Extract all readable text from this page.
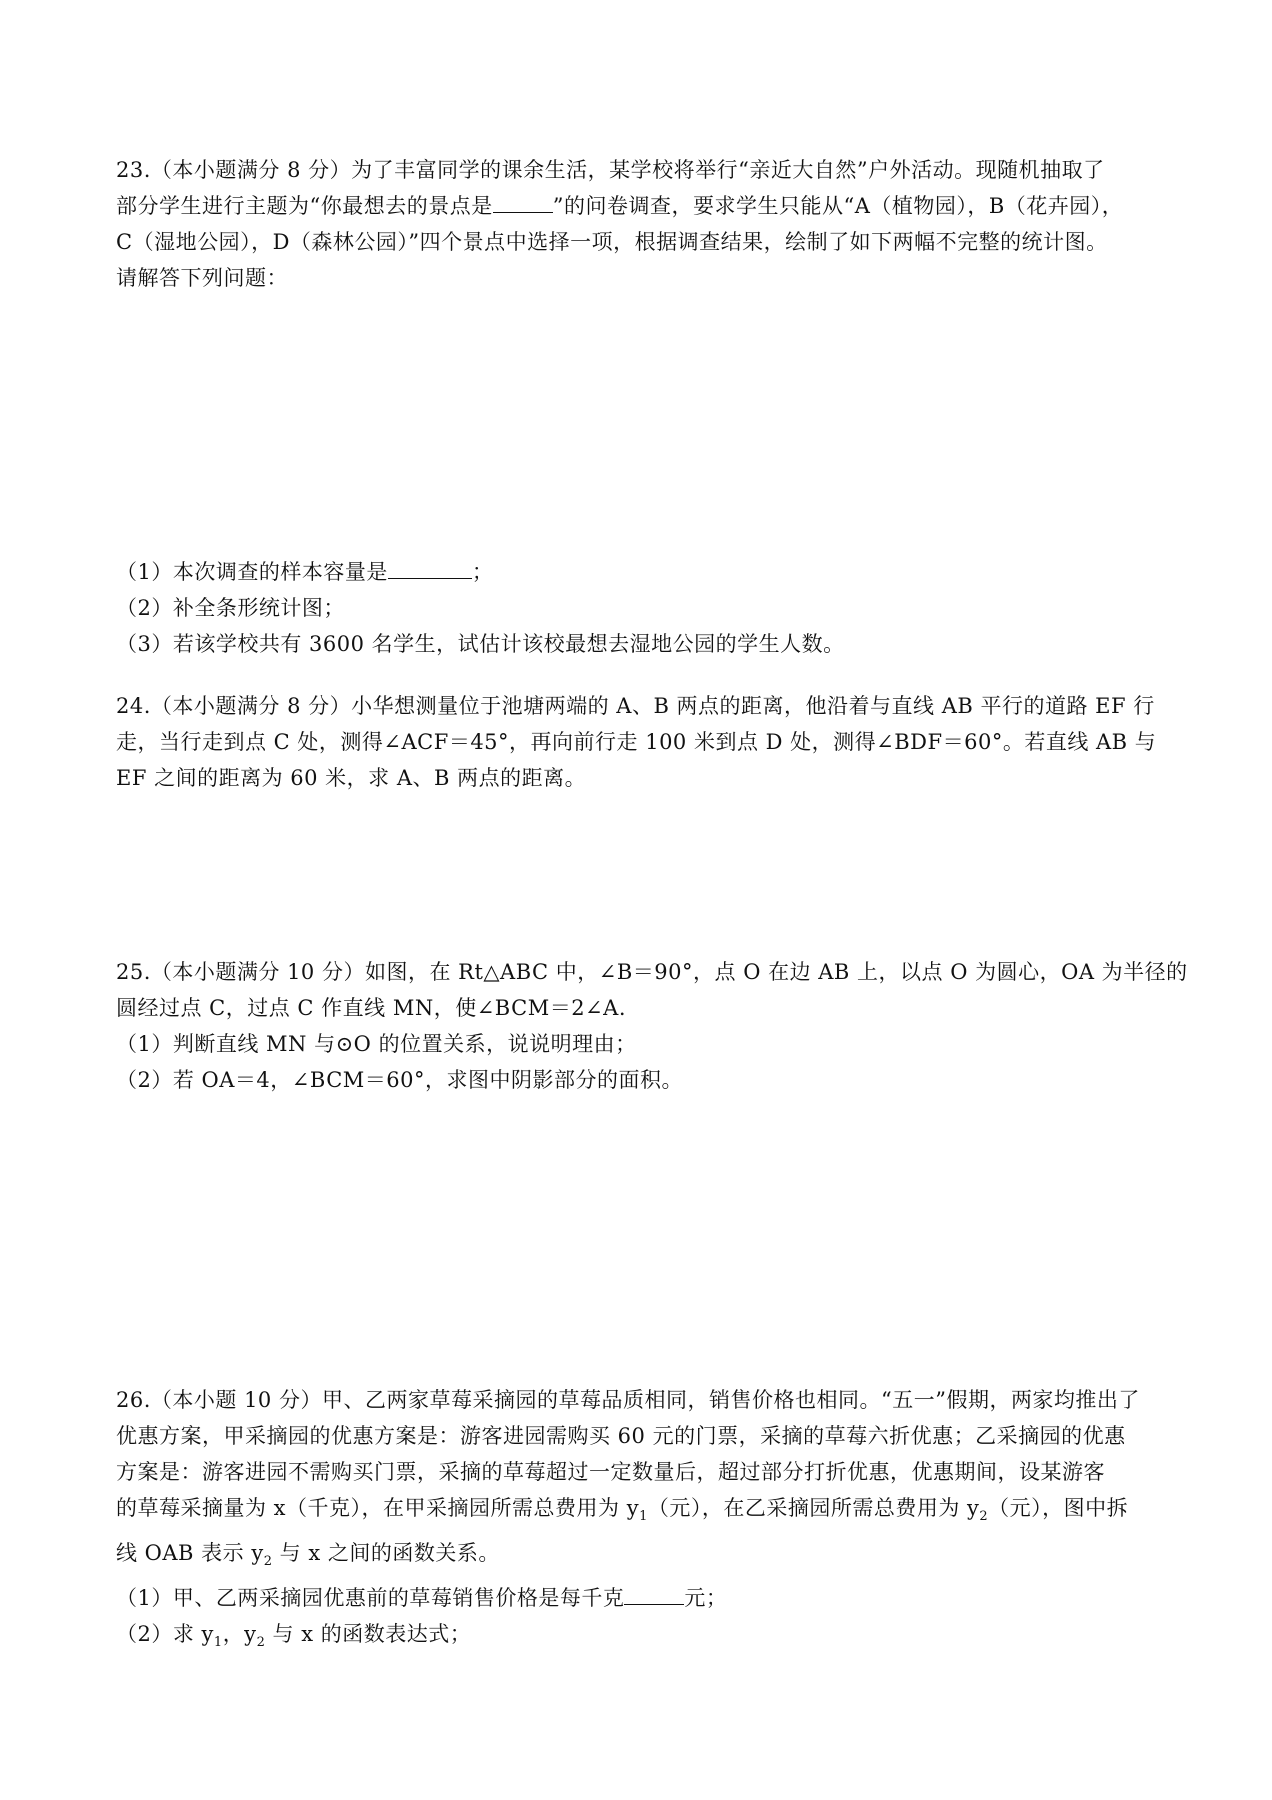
23.（本小题满分 8 分）为了丰富同学的课余生活，某学校将举行“亲近大自然”户外活动。现随机抽取了
部分学生进行主题为“你最想去的景点是	”的问卷调查，要求学生只能从“A（植物园），B（花卉园），
C（湿地公园），D（森林公园）”四个景点中选择一项，根据调查结果，绘制了如下两幅不完整的统计图。
请解答下列问题：
（1）本次调查的样本容量是	；
（2）补全条形统计图；
（3）若该学校共有 3600 名学生，试估计该校最想去湿地公园的学生人数。
24.（本小题满分 8 分）小华想测量位于池塘两端的 A、B 两点的距离，他沿着与直线 AB 平行的道路 EF 行
走，当行走到点 C 处，测得∠ACF＝45°，再向前行走 100 米到点 D 处，测得∠BDF＝60°。若直线 AB 与
EF 之间的距离为 60 米，求 A、B 两点的距离。
25.（本小题满分 10 分）如图，在 Rt△ABC 中，∠B＝90°，点 O 在边 AB 上，以点 O 为圆心，OA 为半径的
圆经过点 C，过点 C 作直线 MN，使∠BCM＝2∠A.
（1）判断直线 MN 与⊙O 的位置关系，说说明理由；
（2）若 OA＝4，∠BCM＝60°，求图中阴影部分的面积。
26.（本小题 10 分）甲、乙两家草莓采摘园的草莓品质相同，销售价格也相同。“五一”假期，两家均推出了
优惠方案，甲采摘园的优惠方案是：游客进园需购买 60 元的门票，采摘的草莓六折优惠；乙采摘园的优惠
方案是：游客进园不需购买门票，采摘的草莓超过一定数量后，超过部分打折优惠，优惠期间，设某游客
的草莓采摘量为 x（千克），在甲采摘园所需总费用为 $y_1$（元），在乙采摘园所需总费用为 $y_2$（元），图中拆
线 OAB 表示 $y_2$ 与 x 之间的函数关系。
（1）甲、乙两采摘园优惠前的草莓销售价格是每千克	元；
（2）求 $y_1$，$y_2$ 与 x 的函数表达式；
